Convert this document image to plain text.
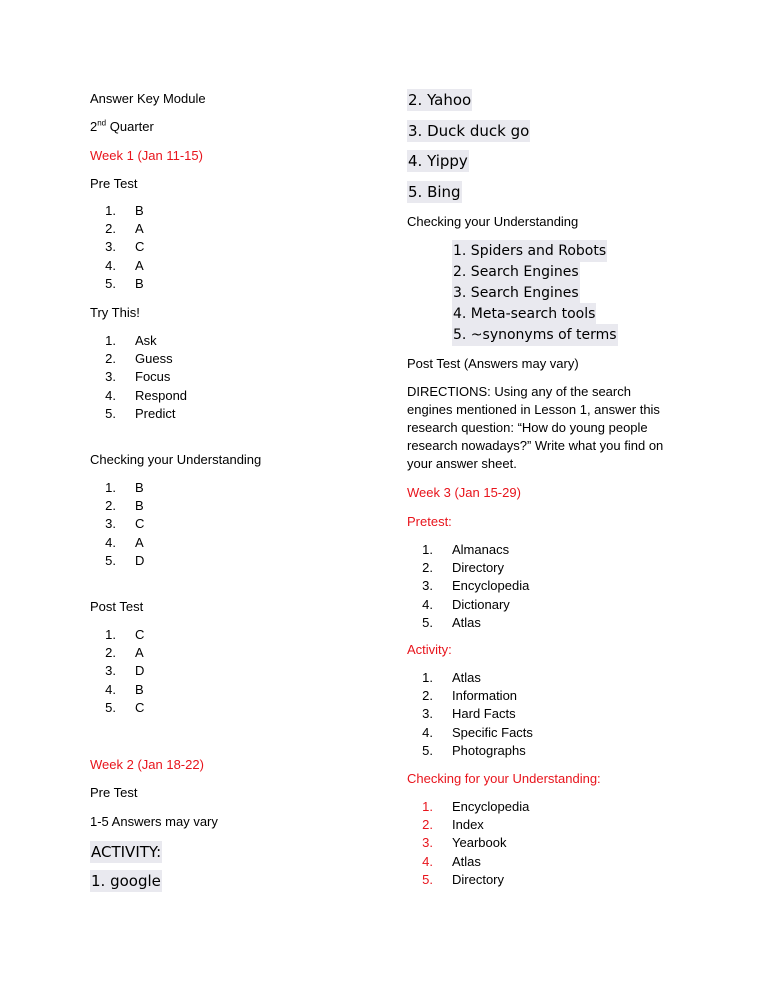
Answer Key Module

2nd Quarter

Week 1 (Jan 11-15)

Pre Test

1.	B
2.	A
3.	C
4.	A
5.	B

Try This!

1.	Ask
2.	Guess
3.	Focus
4.	Respond
5.	Predict

Checking your Understanding

1.	B
2.	B
3.	C
4.	A
5.	D

Post Test

1.	C
2.	A
3.	D
4.	B
5.	C

Week 2 (Jan 18-22)

Pre Test

1-5 Answers may vary

ACTIVITY:
1. google
2. Yahoo
3. Duck duck go
4. Yippy
5. Bing

Checking your Understanding

1. Spiders and Robots
2. Search Engines
3. Search Engines
4. Meta-search tools
5. ~synonyms of terms

Post Test (Answers may vary)

DIRECTIONS: Using any of the search engines mentioned in Lesson 1, answer this research question: “How do young people research nowadays?” Write what you find on your answer sheet.

Week 3 (Jan 15-29)

Pretest:

1.	Almanacs
2.	Directory
3.	Encyclopedia
4.	Dictionary
5.	Atlas

Activity:

1.	Atlas
2.	Information
3.	Hard Facts
4.	Specific Facts
5.	Photographs

Checking for your Understanding:

1.	Encyclopedia
2.	Index
3.	Yearbook
4.	Atlas
5.	Directory
